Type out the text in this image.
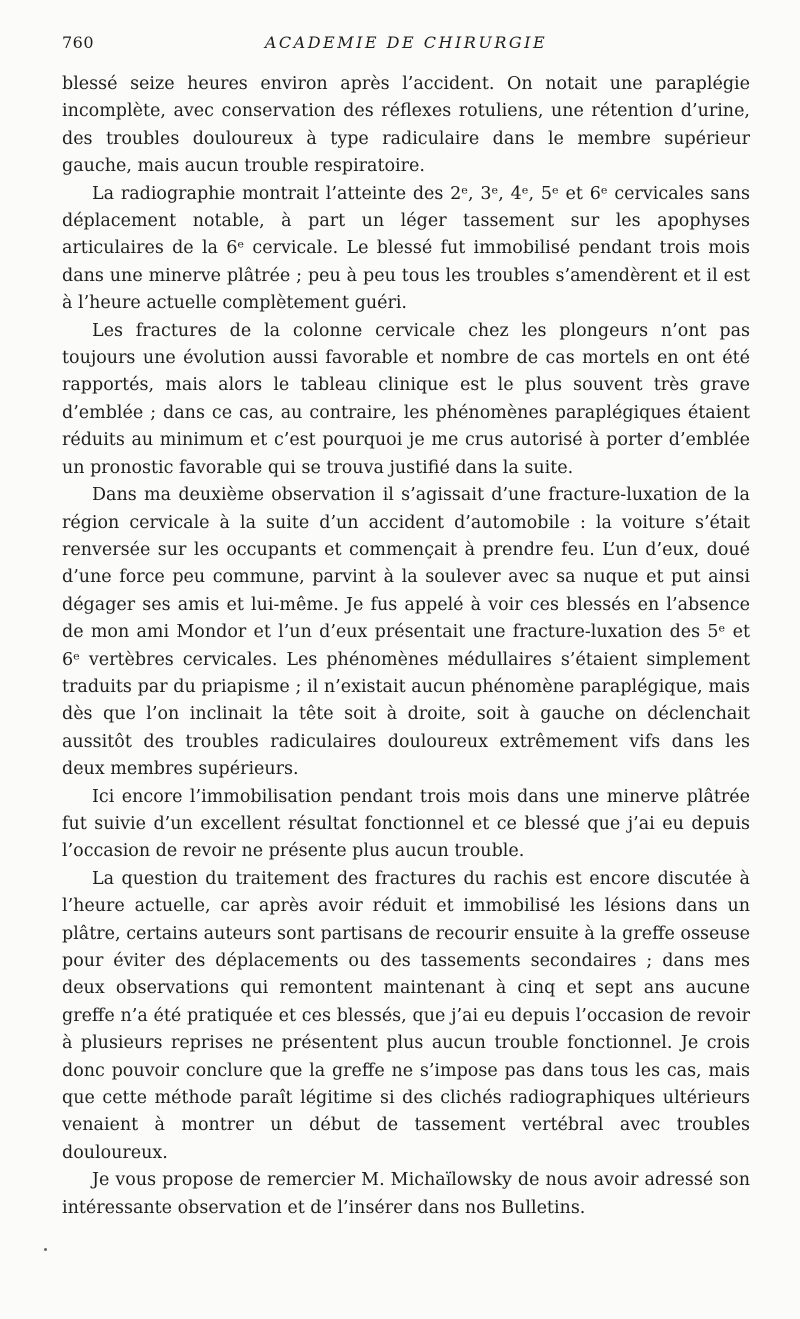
760	ACADEMIE DE CHIRURGIE

blessé seize heures environ après l’accident. On notait une paraplégie incomplète, avec conservation des réflexes rotuliens, une rétention d’urine, des troubles douloureux à type radiculaire dans le membre supérieur gauche, mais aucun trouble respiratoire.

La radiographie montrait l’atteinte des 2ᵉ, 3ᵉ, 4ᵉ, 5ᵉ et 6ᵉ cervicales sans déplacement notable, à part un léger tassement sur les apophyses articulaires de la 6ᵉ cervicale. Le blessé fut immobilisé pendant trois mois dans une minerve plâtrée ; peu à peu tous les troubles s’amendèrent et il est à l’heure actuelle complètement guéri.

Les fractures de la colonne cervicale chez les plongeurs n’ont pas toujours une évolution aussi favorable et nombre de cas mortels en ont été rapportés, mais alors le tableau clinique est le plus souvent très grave d’emblée ; dans ce cas, au contraire, les phénomènes paraplégiques étaient réduits au minimum et c’est pourquoi je me crus autorisé à porter d’emblée un pronostic favorable qui se trouva justifié dans la suite.

Dans ma deuxième observation il s’agissait d’une fracture-luxation de la région cervicale à la suite d’un accident d’automobile : la voiture s’était renversée sur les occupants et commençait à prendre feu. L’un d’eux, doué d’une force peu commune, parvint à la soulever avec sa nuque et put ainsi dégager ses amis et lui-même. Je fus appelé à voir ces blessés en l’absence de mon ami Mondor et l’un d’eux présentait une fracture-luxation des 5ᵉ et 6ᵉ vertèbres cervicales. Les phénomènes médullaires s’étaient simplement traduits par du priapisme ; il n’existait aucun phénomène paraplégique, mais dès que l’on inclinait la tête soit à droite, soit à gauche on déclenchait aussitôt des troubles radiculaires douloureux extrêmement vifs dans les deux membres supérieurs.

Ici encore l’immobilisation pendant trois mois dans une minerve plâtrée fut suivie d’un excellent résultat fonctionnel et ce blessé que j’ai eu depuis l’occasion de revoir ne présente plus aucun trouble.

La question du traitement des fractures du rachis est encore discutée à l’heure actuelle, car après avoir réduit et immobilisé les lésions dans un plâtre, certains auteurs sont partisans de recourir ensuite à la greffe osseuse pour éviter des déplacements ou des tassements secondaires ; dans mes deux observations qui remontent maintenant à cinq et sept ans aucune greffe n’a été pratiquée et ces blessés, que j’ai eu depuis l’occasion de revoir à plusieurs reprises ne présentent plus aucun trouble fonctionnel. Je crois donc pouvoir conclure que la greffe ne s’impose pas dans tous les cas, mais que cette méthode paraît légitime si des clichés radiographiques ultérieurs venaient à montrer un début de tassement vertébral avec troubles douloureux.

Je vous propose de remercier M. Michaïlowsky de nous avoir adressé son intéressante observation et de l’insérer dans nos Bulletins.
